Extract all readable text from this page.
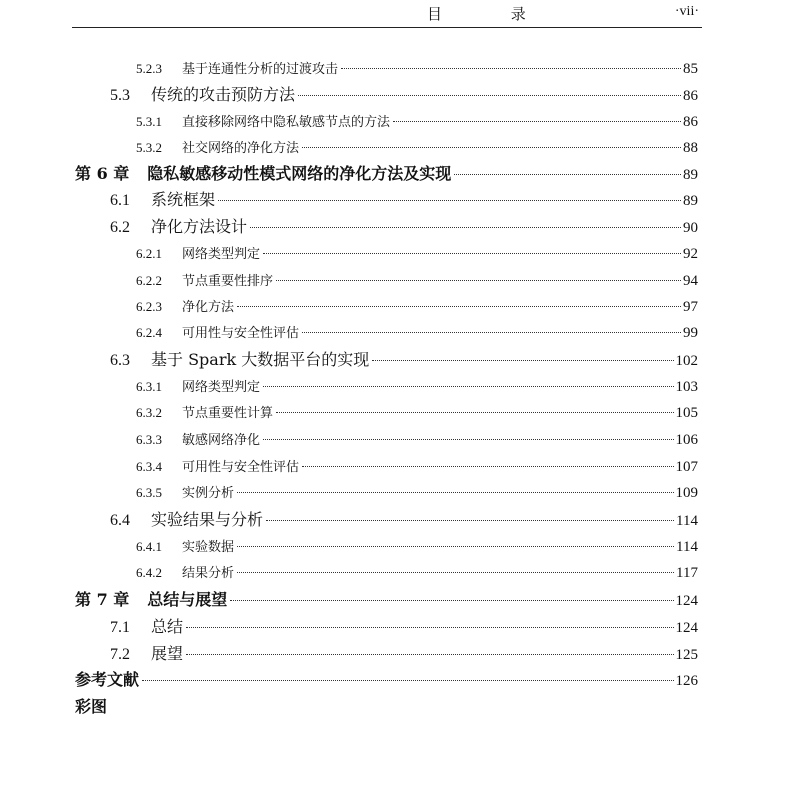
目 录	·vii·
5.2.3	基于连通性分析的过渡攻击	85
5.3	传统的攻击预防方法	86
5.3.1	直接移除网络中隐私敏感节点的方法	86
5.3.2	社交网络的净化方法	88
第 6 章 隐私敏感移动性模式网络的净化方法及实现	89
6.1	系统框架	89
6.2	净化方法设计	90
6.2.1	网络类型判定	92
6.2.2	节点重要性排序	94
6.2.3	净化方法	97
6.2.4	可用性与安全性评估	99
6.3	基于 Spark 大数据平台的实现	102
6.3.1	网络类型判定	103
6.3.2	节点重要性计算	105
6.3.3	敏感网络净化	106
6.3.4	可用性与安全性评估	107
6.3.5	实例分析	109
6.4	实验结果与分析	114
6.4.1	实验数据	114
6.4.2	结果分析	117
第 7 章 总结与展望	124
7.1	总结	124
7.2	展望	125
参考文献	126
彩图
